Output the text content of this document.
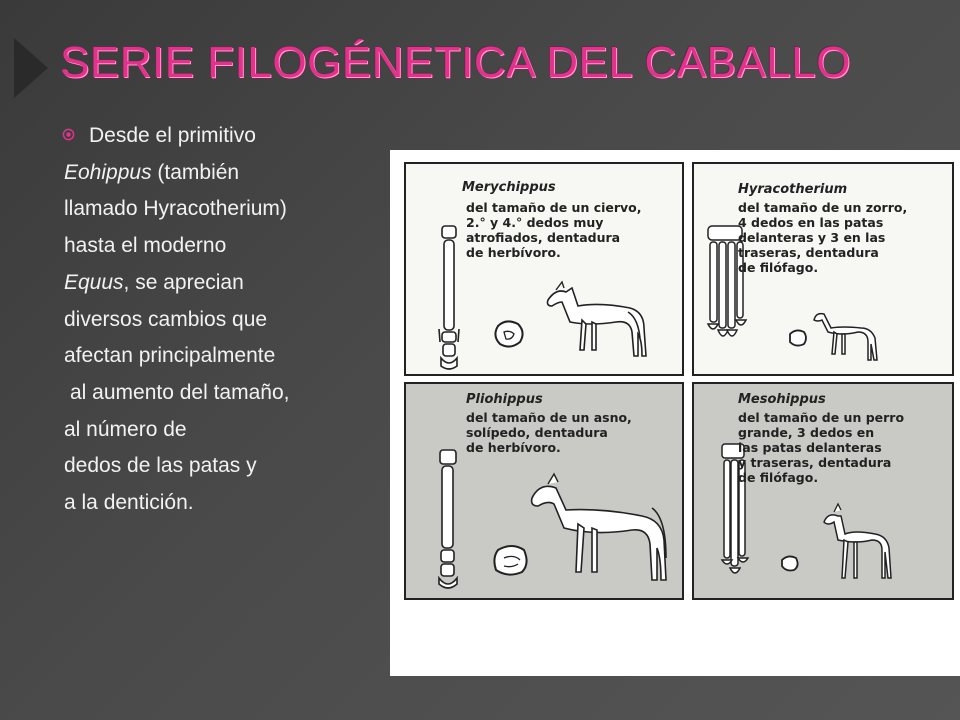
SERIE FILOGÉNETICA DEL CABALLO
Desde el primitivo
Eohippus (también
llamado Hyracotherium)
hasta el moderno
Equus, se aprecian
diversos cambios que
afectan principalmente
al aumento del tamaño,
al número de
dedos de las patas y
a la dentición.
Merychippus
del tamaño de un ciervo,
2.° y 4.° dedos muy
atrofiados, dentadura
de herbívoro.
Hyracotherium
del tamaño de un zorro,
4 dedos en las patas
delanteras y 3 en las
traseras, dentadura
de filófago.
Pliohippus
del tamaño de un asno,
solípedo, dentadura
de herbívoro.
Mesohippus
del tamaño de un perro
grande, 3 dedos en
las patas delanteras
y traseras, dentadura
de filófago.
